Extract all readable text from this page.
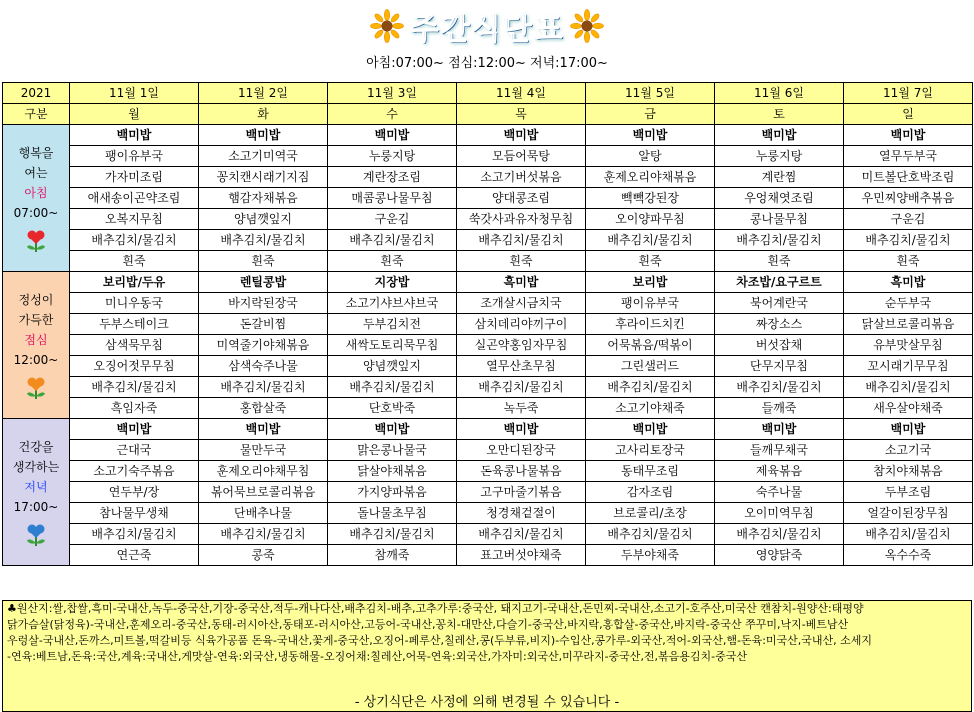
주간식단표
아침:07:00~ 점심:12:00~ 저녁:17:00~
2021	11월 1일	11월 2일	11월 3일	11월 4일	11월 5일	11월 6일	11월 7일
구분	월	화	수	목	금	토	일

행복을
여는
아침
07:00~	백미밥	백미밥	백미밥	백미밥	백미밥	백미밥	백미밥
	팽이유부국	소고기미역국	누룽지탕	모듬어묵탕	알탕	누룽지탕	열무두부국
	가자미조림	꽁치캔시래기지짐	계란장조림	소고기버섯볶음	훈제오리야채볶음	계란찜	미트볼단호박조림
	애새송이곤약조림	햄감자채볶음	매콤콩나물무침	양대콩조림	빽빽강된장	우엉채엿조림	우민찌양배추볶음
	오복지무침	양념깻잎지	구운김	쑥갓사과유자청무침	오이양파무침	콩나물무침	구운김
	배추김치/물김치	배추김치/물김치	배추김치/물김치	배추김치/물김치	배추김치/물김치	배추김치/물김치	배추김치/물김치
	흰죽	흰죽	흰죽	흰죽	흰죽	흰죽	흰죽

정성이
가득한
점심
12:00~	보리밥/두유	렌틸콩밥	지장밥	흑미밥	보리밥	차조밥/요구르트	흑미밥
	미니우동국	바지락된장국	소고기샤브샤브국	조개살시금치국	팽이유부국	북어계란국	순두부국
	두부스테이크	돈갈비찜	두부김치전	삼치데리야끼구이	후라이드치킨	짜장소스	닭살브로콜리볶음
	삼색묵무침	미역줄기야채볶음	새싹도토리묵무침	실곤약홍임자무침	어묵볶음/떡볶이	버섯잡채	유부맛살무침
	오징어젓무무침	삼색숙주나물	양념깻잎지	열무산초무침	그린샐러드	단무지무침	꼬시래기무무침
	배추김치/물김치	배추김치/물김치	배추김치/물김치	배추김치/물김치	배추김치/물김치	배추김치/물김치	배추김치/물김치
	흑임자죽	홍합살죽	단호박죽	녹두죽	소고기야채죽	들깨죽	새우살야채죽

건강을
생각하는
저녁
17:00~	백미밥	백미밥	백미밥	백미밥	백미밥	백미밥	백미밥
	근대국	물만두국	맑은콩나물국	오만디된장국	고사리토장국	들깨무채국	소고기국
	소고기숙주볶음	훈제오리야채무침	닭살야채볶음	돈육콩나물볶음	동태무조림	제육볶음	참치야채볶음
	연두부/장	볶어묵브로콜리볶음	가지양파볶음	고구마줄기볶음	감자조림	숙주나물	두부조림
	참나물무생채	단배추나물	돌나물초무침	청경채겉절이	브로콜리/초장	오이미역무침	얼갈이된장무침
	배추김치/물김치	배추김치/물김치	배추김치/물김치	배추김치/물김치	배추김치/물김치	배추김치/물김치	배추김치/물김치
	연근죽	콩죽	참깨죽	표고버섯야채죽	두부야채죽	영양닭죽	옥수수죽

♣원산지:쌀,찹쌀,흑미-국내산,녹두-중국산,기장-중국산,적두-캐나다산,배추김치-배추,고추가루:중국산, 돼지고기-국내산,돈민찌-국내산,소고기-호주산,미국산 캔참치-원양산:태평양

닭가슴살(닭정육)-국내산,훈제오리-중국산,동태-러시아산,동태포-러시아산,고등어-국내산,꽁치-대만산,다슬기-중국산,바지락,홍합살-중국산,바지락-중국산 쭈꾸미,낙지-베트남산

우렁살-국내산,돈까스,미트볼,떡갈비등 식육가공품 돈육-국내산,꽃게-중국산,오징어-페루산,칠레산,콩(두부류,비지)-수입산,콩가루-외국산,적어-외국산,햄-돈육:미국산,국내산, 소세지

-연육:베트남,돈육:국산,계육:국내산,게맛살-연육:외국산,냉동해물-오징어채:칠레산,어묵-연육:외국산,가자미:외국산,미꾸라지-중국산,전,볶음용김치-중국산

- 상기식단은 사정에 의해 변경될 수 있습니다 -
